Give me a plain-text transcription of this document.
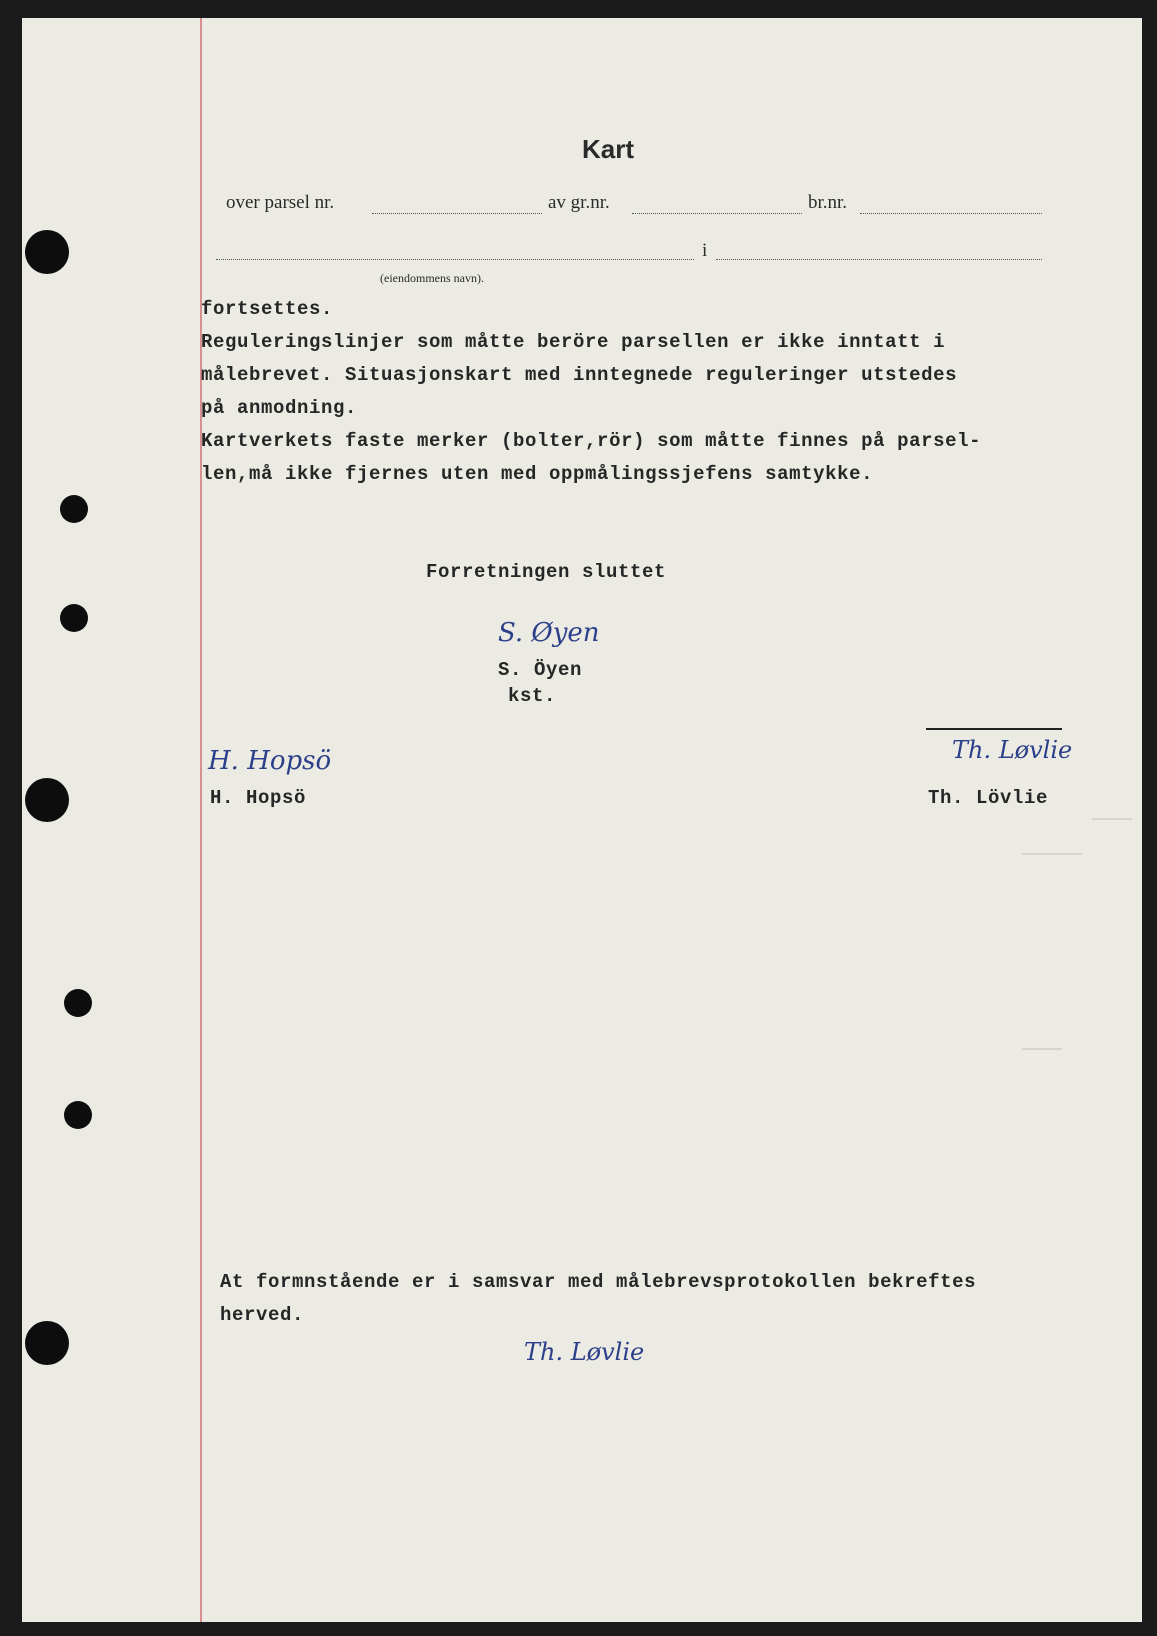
Kart
over parsel nr.	av gr.nr.	br.nr.
i
(eiendommens navn).
fortsettes.
Reguleringslinjer som måtte beröre parsellen er ikke inntatt i
målebrevet. Situasjonskart med inntegnede reguleringer utstedes
på anmodning.
Kartverkets faste merker (bolter,rör) som måtte finnes på parsel-
len,må ikke fjernes uten med oppmålingssjefens samtykke.
Forretningen sluttet
S. Øyen
S. Öyen
kst.
H. Hopsö
H. Hopsö
Th. Løvlie
Th. Lövlie
At formnstående er i samsvar med målebrevsprotokollen bekreftes
herved.
Th. Løvlie
